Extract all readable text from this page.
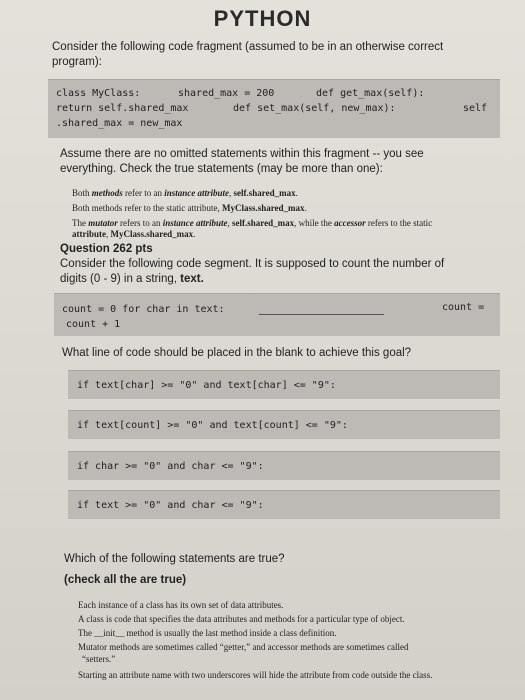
PYTHON
Consider the following code fragment (assumed to be in an otherwise correct
program):
class MyClass:	shared_max = 200	def get_max(self):
return self.shared_max	def set_max(self, new_max):	self
.shared_max = new_max
Assume there are no omitted statements within this fragment -- you see
everything. Check the true statements (may be more than one):
Both methods refer to an instance attribute, self.shared_max.
Both methods refer to the static attribute, MyClass.shared_max.
The mutator refers to an instance attribute, self.shared_max, while the accessor refers to the static
attribute, MyClass.shared_max.
Question 262 pts
Consider the following code segment. It is supposed to count the number of
digits (0 - 9) in a string, text.
count = 0 for char in text:	count =
count + 1
What line of code should be placed in the blank to achieve this goal?
if text[char] >= "0" and text[char] <= "9":
if text[count] >= "0" and text[count] <= "9":
if char >= "0" and char <= "9":
if text >= "0" and char <= "9":
Which of the following statements are true?
(check all the are true)
Each instance of a class has its own set of data attributes.
A class is code that specifies the data attributes and methods for a particular type of object.
The __init__ method is usually the last method inside a class definition.
Mutator methods are sometimes called “getter,” and accessor methods are sometimes called
“setters.”
Starting an attribute name with two underscores will hide the attribute from code outside the class.
